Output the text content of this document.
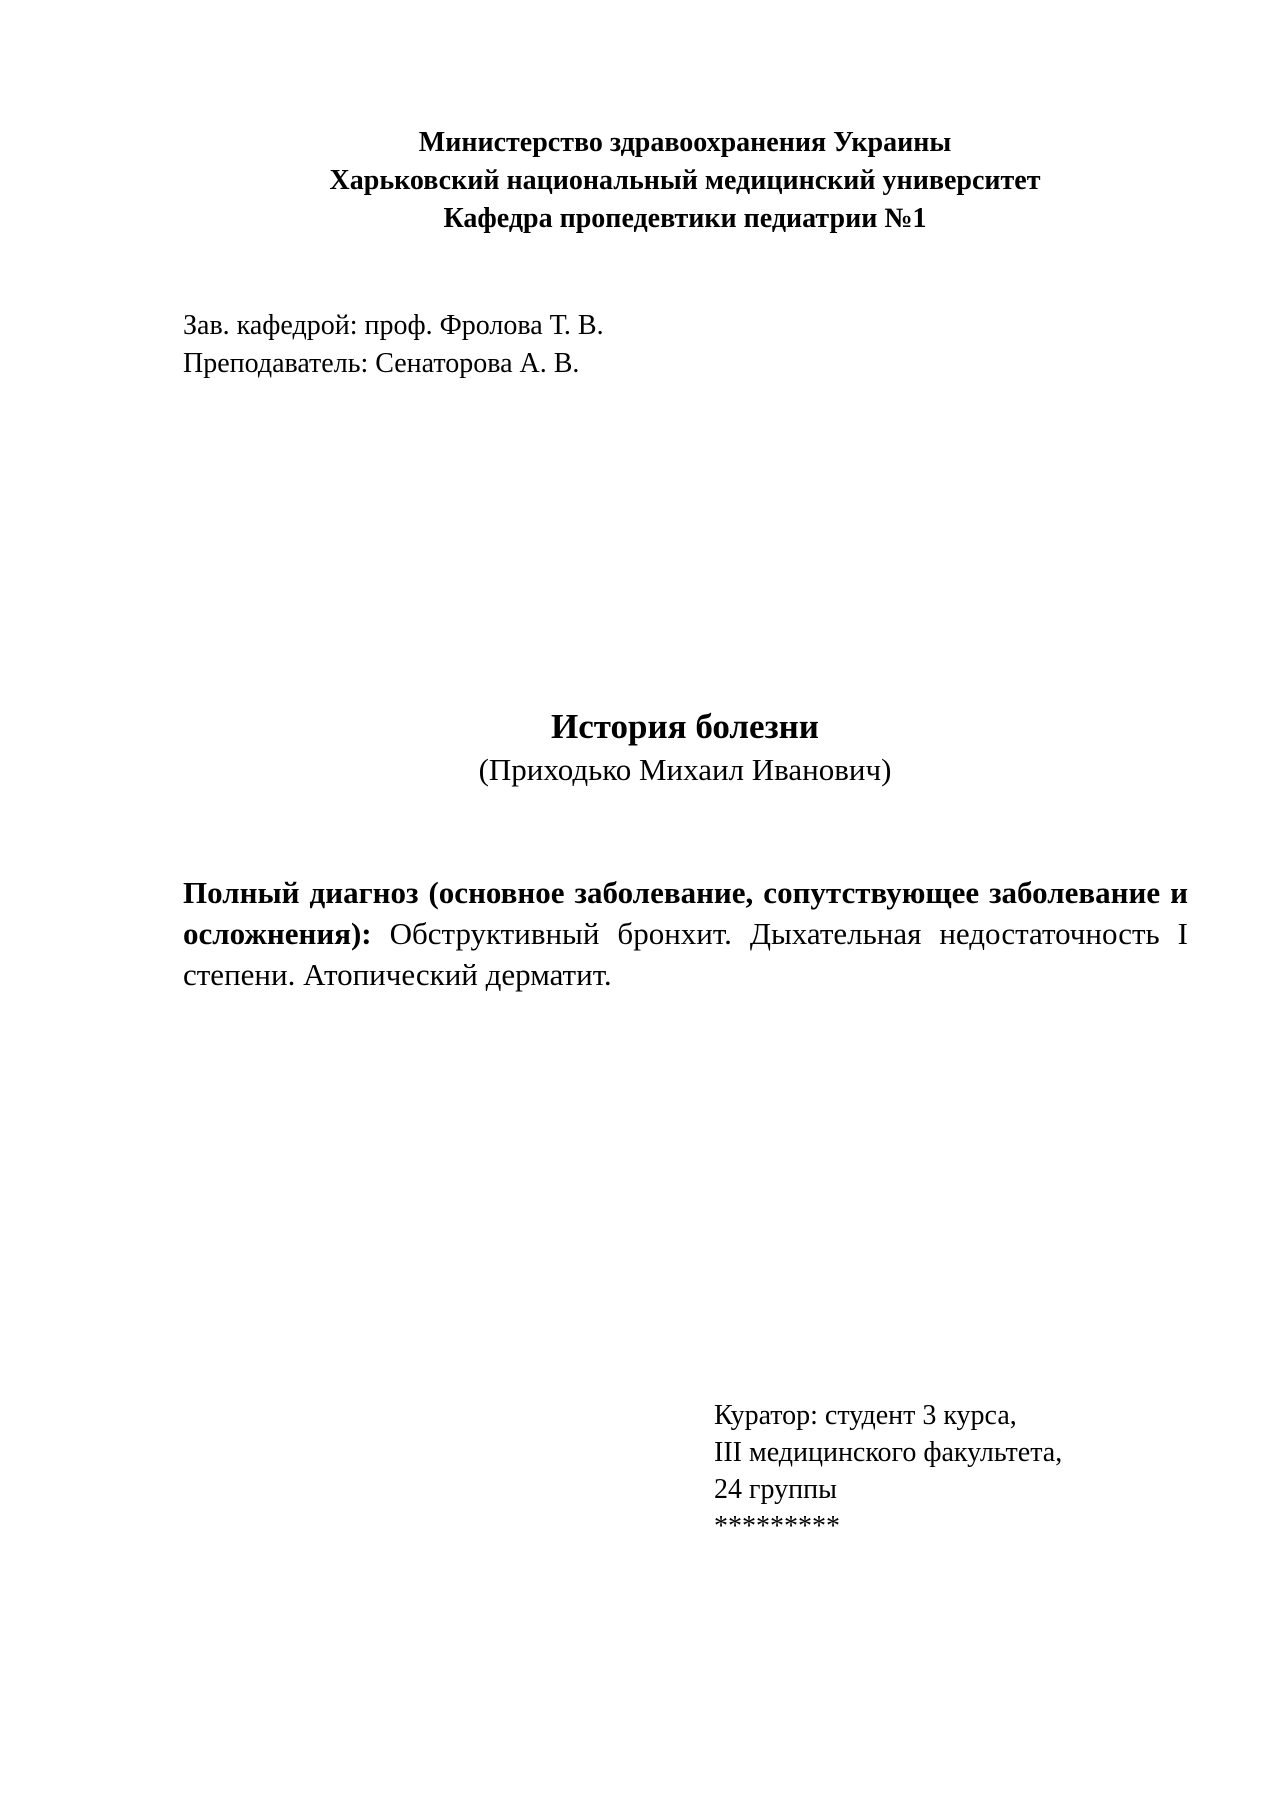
Министерство здравоохранения Украины
Харьковский национальный медицинский университет
Кафедра пропедевтики педиатрии №1
Зав. кафедрой: проф. Фролова Т. В.
Преподаватель: Сенаторова А. В.
История болезни
(Приходько Михаил Иванович)
Полный диагноз (основное заболевание, сопутствующее заболевание и осложнения): Обструктивный бронхит. Дыхательная недостаточность I степени. Атопический дерматит.
Куратор: студент 3 курса,
III медицинского факультета,
24 группы
*********
